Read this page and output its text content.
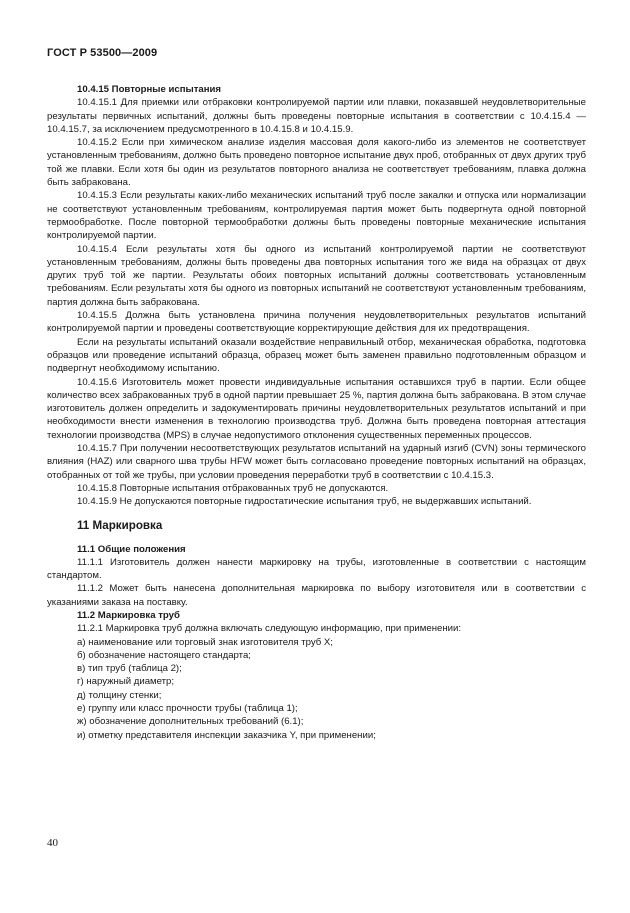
ГОСТ Р 53500—2009

10.4.15 Повторные испытания

10.4.15.1 Для приемки или отбраковки контролируемой партии или плавки, показавшей неудовлетворительные результаты первичных испытаний, должны быть проведены повторные испытания в соответствии с 10.4.15.4 — 10.4.15.7, за исключением предусмотренного в 10.4.15.8 и 10.4.15.9.

10.4.15.2 Если при химическом анализе изделия массовая доля какого-либо из элементов не соответствует установленным требованиям, должно быть проведено повторное испытание двух проб, отобранных от двух других труб той же плавки. Если хотя бы один из результатов повторного анализа не соответствует требованиям, плавка должна быть забракована.

10.4.15.3 Если результаты каких-либо механических испытаний труб после закалки и отпуска или нормализации не соответствуют установленным требованиям, контролируемая партия может быть подвергнута одной повторной термообработке. После повторной термообработки должны быть проведены повторные механические испытания контролируемой партии.

10.4.15.4 Если результаты хотя бы одного из испытаний контролируемой партии не соответствуют установленным требованиям, должны быть проведены два повторных испытания того же вида на образцах от двух других труб той же партии. Результаты обоих повторных испытаний должны соответствовать установленным требованиям. Если результаты хотя бы одного из повторных испытаний не соответствуют установленным требованиям, партия должна быть забракована.

10.4.15.5 Должна быть установлена причина получения неудовлетворительных результатов испытаний контролируемой партии и проведены соответствующие корректирующие действия для их предотвращения.

Если на результаты испытаний оказали воздействие неправильный отбор, механическая обработка, подготовка образцов или проведение испытаний образца, образец может быть заменен правильно подготовленным образцом и подвергнут необходимому испытанию.

10.4.15.6 Изготовитель может провести индивидуальные испытания оставшихся труб в партии. Если общее количество всех забракованных труб в одной партии превышает 25 %, партия должна быть забракована. В этом случае изготовитель должен определить и задокументировать причины неудовлетворительных результатов испытаний и при необходимости внести изменения в технологию производства труб. Должна быть проведена повторная аттестация технологии производства (MPS) в случае недопустимого отклонения существенных переменных процессов.

10.4.15.7 При получении несоответствующих результатов испытаний на ударный изгиб (CVN) зоны термического влияния (HAZ) или сварного шва трубы HFW может быть согласовано проведение повторных испытаний на образцах, отобранных от той же трубы, при условии проведения переработки труб в соответствии с 10.4.15.3.

10.4.15.8 Повторные испытания отбракованных труб не допускаются.

10.4.15.9 Не допускаются повторные гидростатические испытания труб, не выдержавших испытаний.

11 Маркировка

11.1 Общие положения

11.1.1 Изготовитель должен нанести маркировку на трубы, изготовленные в соответствии с настоящим стандартом.

11.1.2 Может быть нанесена дополнительная маркировка по выбору изготовителя или в соответствии с указаниями заказа на поставку.

11.2 Маркировка труб

11.2.1 Маркировка труб должна включать следующую информацию, при применении:

а) наименование или торговый знак изготовителя труб X;

б) обозначение настоящего стандарта;

в) тип труб (таблица 2);

г) наружный диаметр;

д) толщину стенки;

е) группу или класс прочности трубы (таблица 1);

ж) обозначение дополнительных требований (6.1);

и) отметку представителя инспекции заказчика Y, при применении;

40
